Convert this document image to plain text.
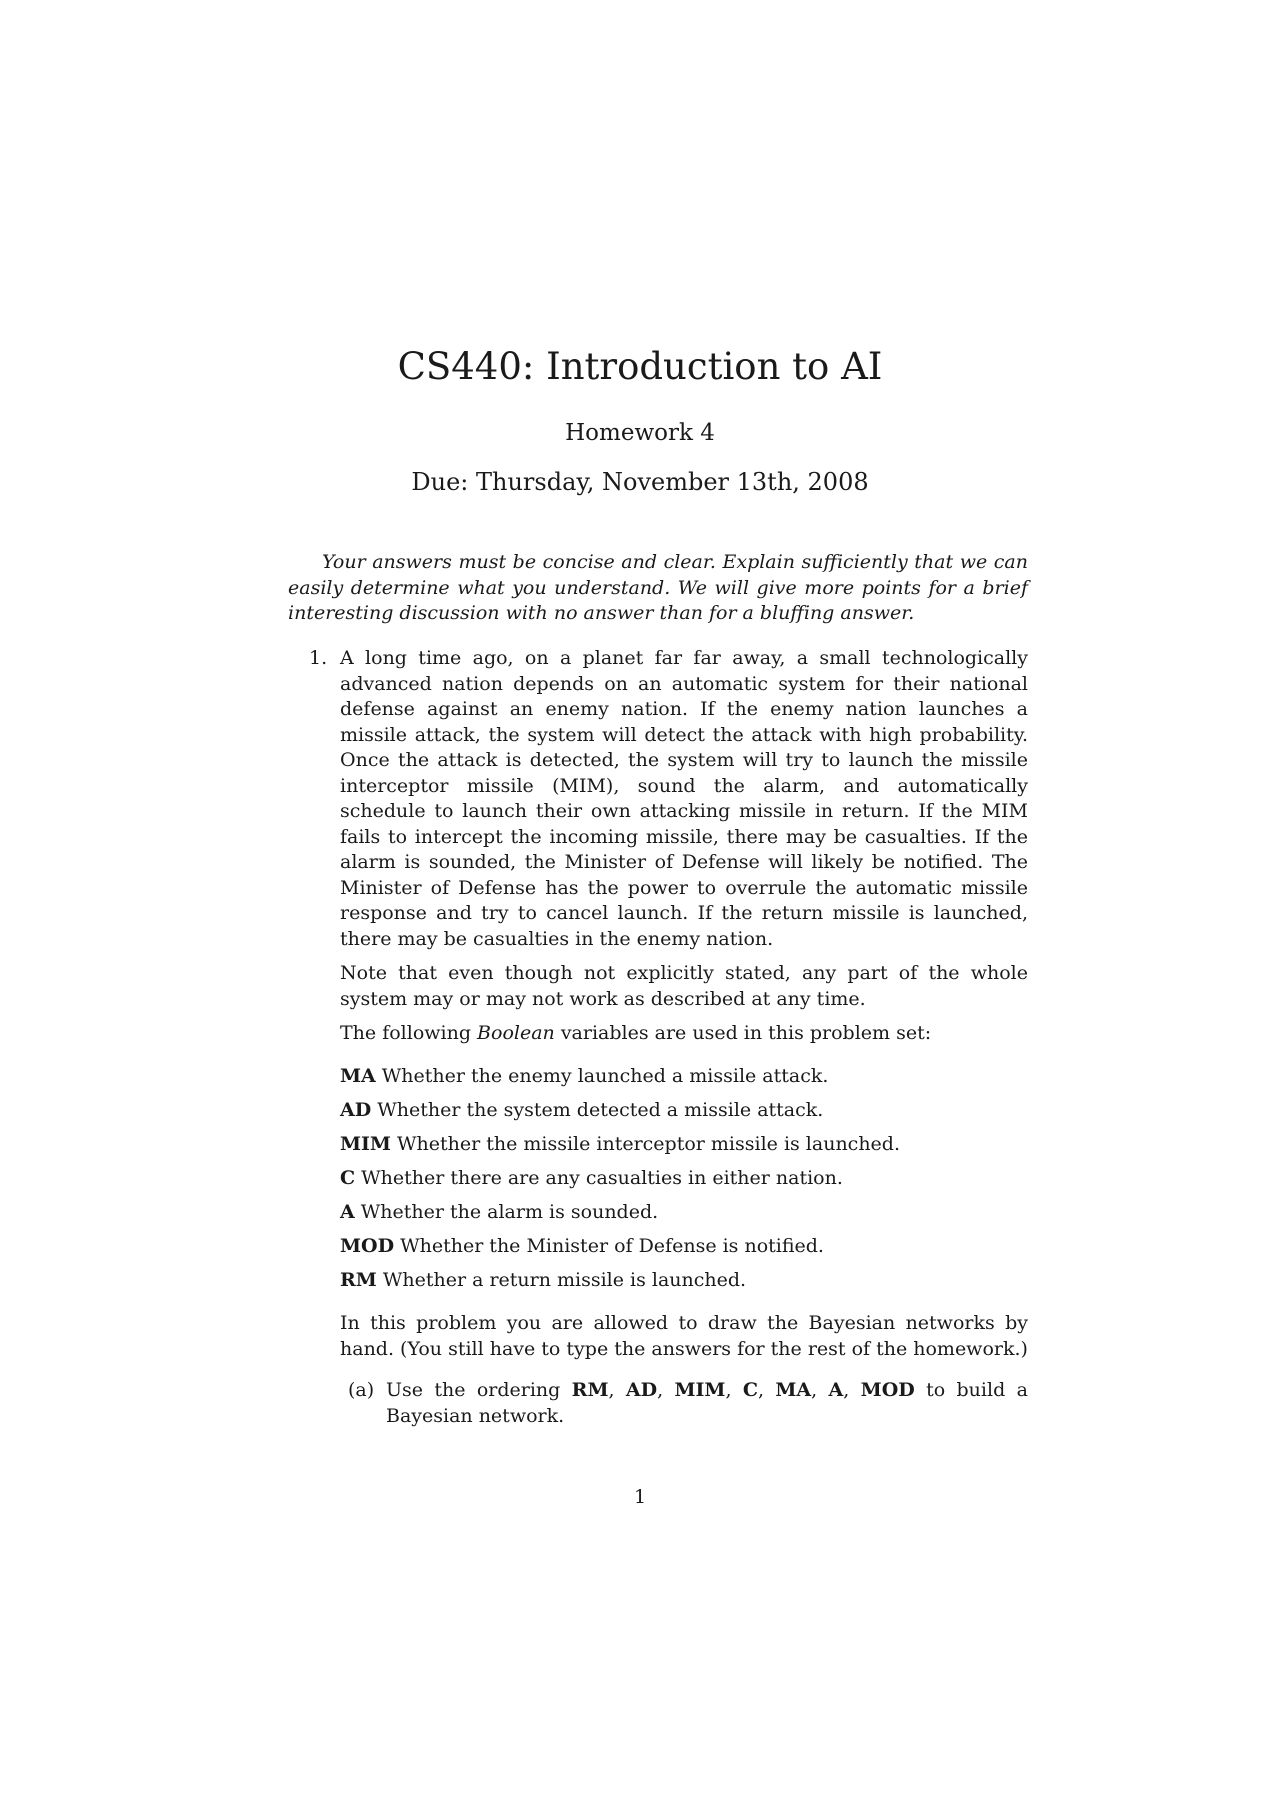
CS440: Introduction to AI
Homework 4
Due: Thursday, November 13th, 2008

Your answers must be concise and clear. Explain sufficiently that we can easily determine what you understand. We will give more points for a brief interesting discussion with no answer than for a bluffing answer.

1. A long time ago, on a planet far far away, a small technologically advanced nation depends on an automatic system for their national defense against an enemy nation. If the enemy nation launches a missile attack, the system will detect the attack with high probability. Once the attack is detected, the system will try to launch the missile interceptor missile (MIM), sound the alarm, and automatically schedule to launch their own attacking missile in return. If the MIM fails to intercept the incoming missile, there may be casualties. If the alarm is sounded, the Minister of Defense will likely be notified. The Minister of Defense has the power to overrule the automatic missile response and try to cancel launch. If the return missile is launched, there may be casualties in the enemy nation.

Note that even though not explicitly stated, any part of the whole system may or may not work as described at any time.

The following Boolean variables are used in this problem set:

MA Whether the enemy launched a missile attack.
AD Whether the system detected a missile attack.
MIM Whether the missile interceptor missile is launched.
C Whether there are any casualties in either nation.
A Whether the alarm is sounded.
MOD Whether the Minister of Defense is notified.
RM Whether a return missile is launched.

In this problem you are allowed to draw the Bayesian networks by hand. (You still have to type the answers for the rest of the homework.)

(a) Use the ordering RM, AD, MIM, C, MA, A, MOD to build a Bayesian network.
1
